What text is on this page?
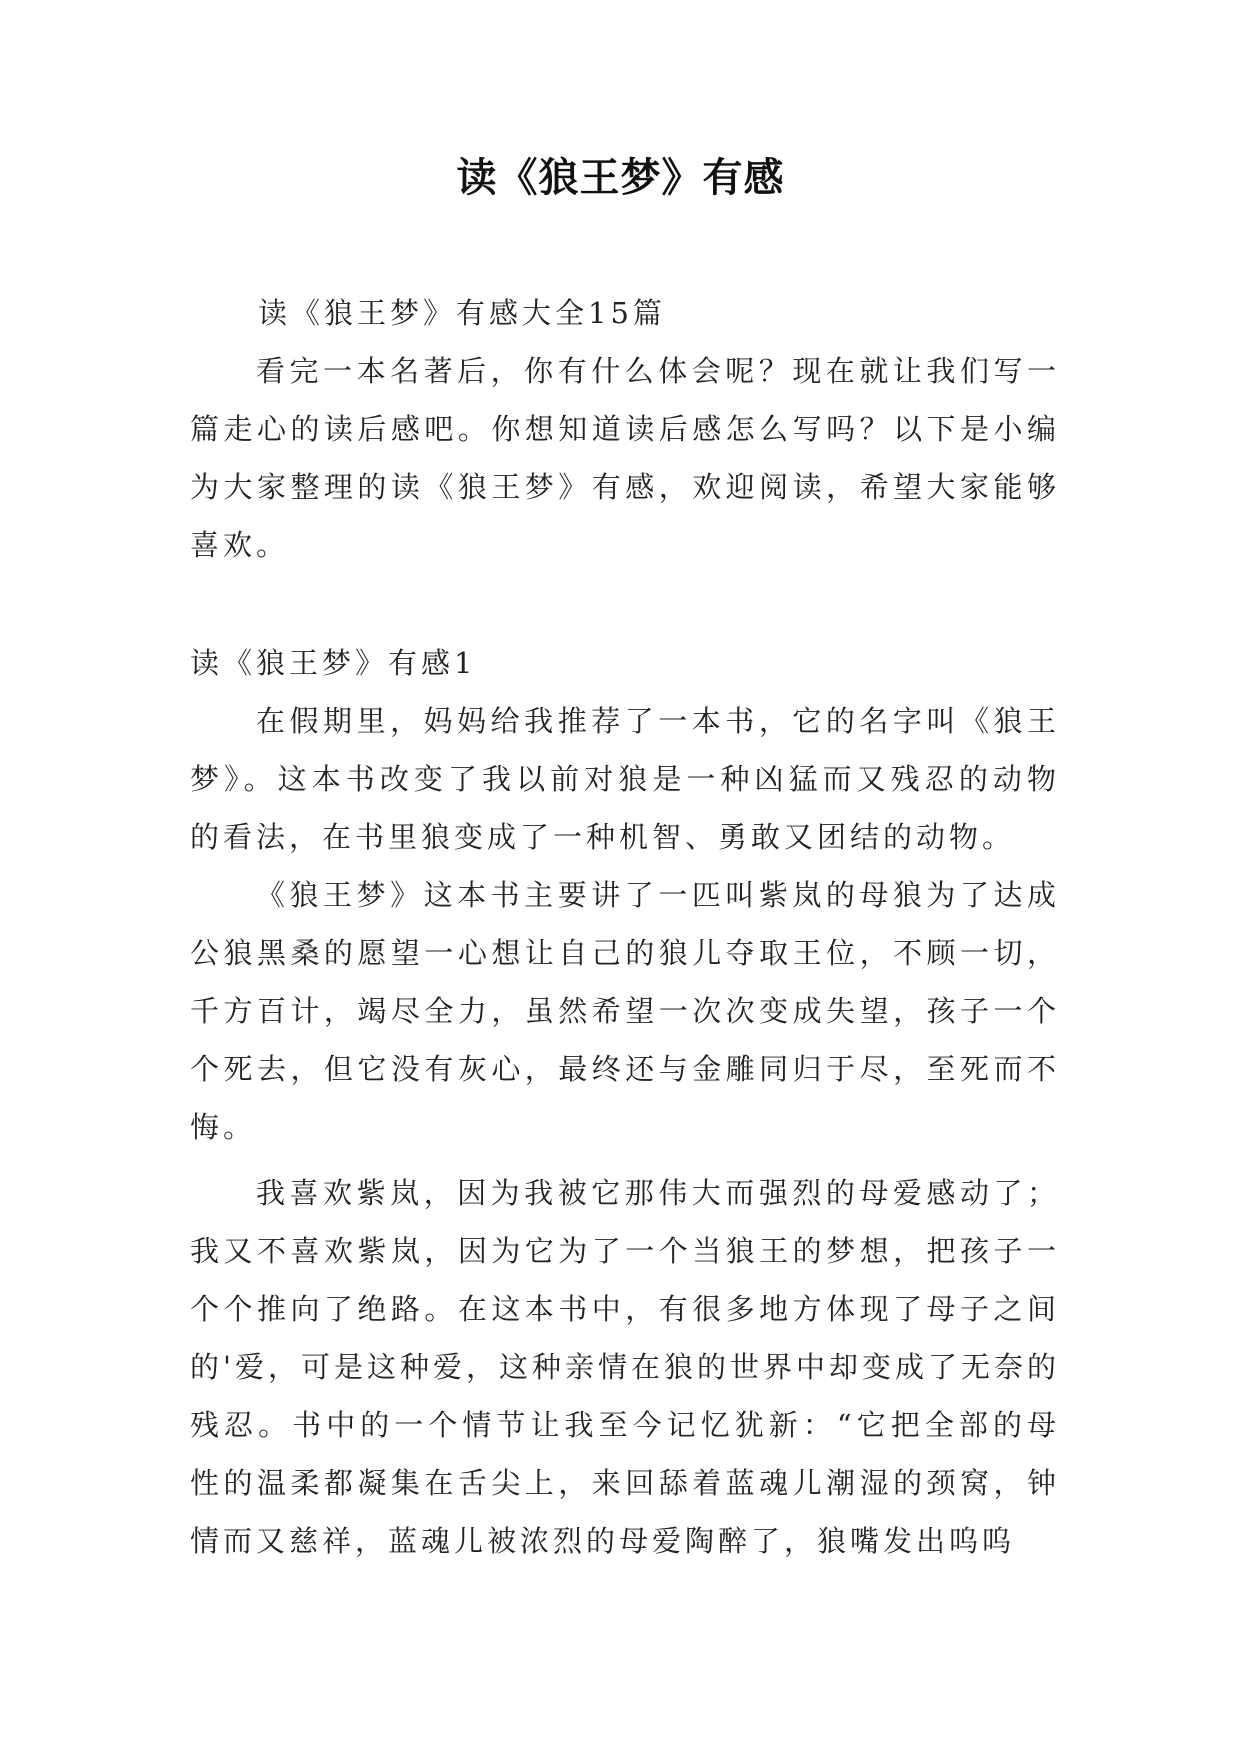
读《狼王梦》有感
读《狼王梦》有感大全15篇

看完一本名著后，你有什么体会呢？现在就让我们写一篇走心的读后感吧。你想知道读后感怎么写吗？以下是小编为大家整理的读《狼王梦》有感，欢迎阅读，希望大家能够喜欢。

读《狼王梦》有感1

在假期里，妈妈给我推荐了一本书，它的名字叫《狼王梦》。这本书改变了我以前对狼是一种凶猛而又残忍的动物的看法，在书里狼变成了一种机智、勇敢又团结的动物。

《狼王梦》这本书主要讲了一匹叫紫岚的母狼为了达成公狼黑桑的愿望一心想让自己的狼儿夺取王位，不顾一切，千方百计，竭尽全力，虽然希望一次次变成失望，孩子一个个死去，但它没有灰心，最终还与金雕同归于尽，至死而不悔。

我喜欢紫岚，因为我被它那伟大而强烈的母爱感动了；我又不喜欢紫岚，因为它为了一个当狼王的梦想，把孩子一个个推向了绝路。在这本书中，有很多地方体现了母子之间的'爱，可是这种爱，这种亲情在狼的世界中却变成了无奈的残忍。书中的一个情节让我至今记忆犹新：“它把全部的母性的温柔都凝集在舌尖上，来回舔着蓝魂儿潮湿的颈窝，钟情而又慈祥，蓝魂儿被浓烈的母爱陶醉了，狼嘴发出呜呜
